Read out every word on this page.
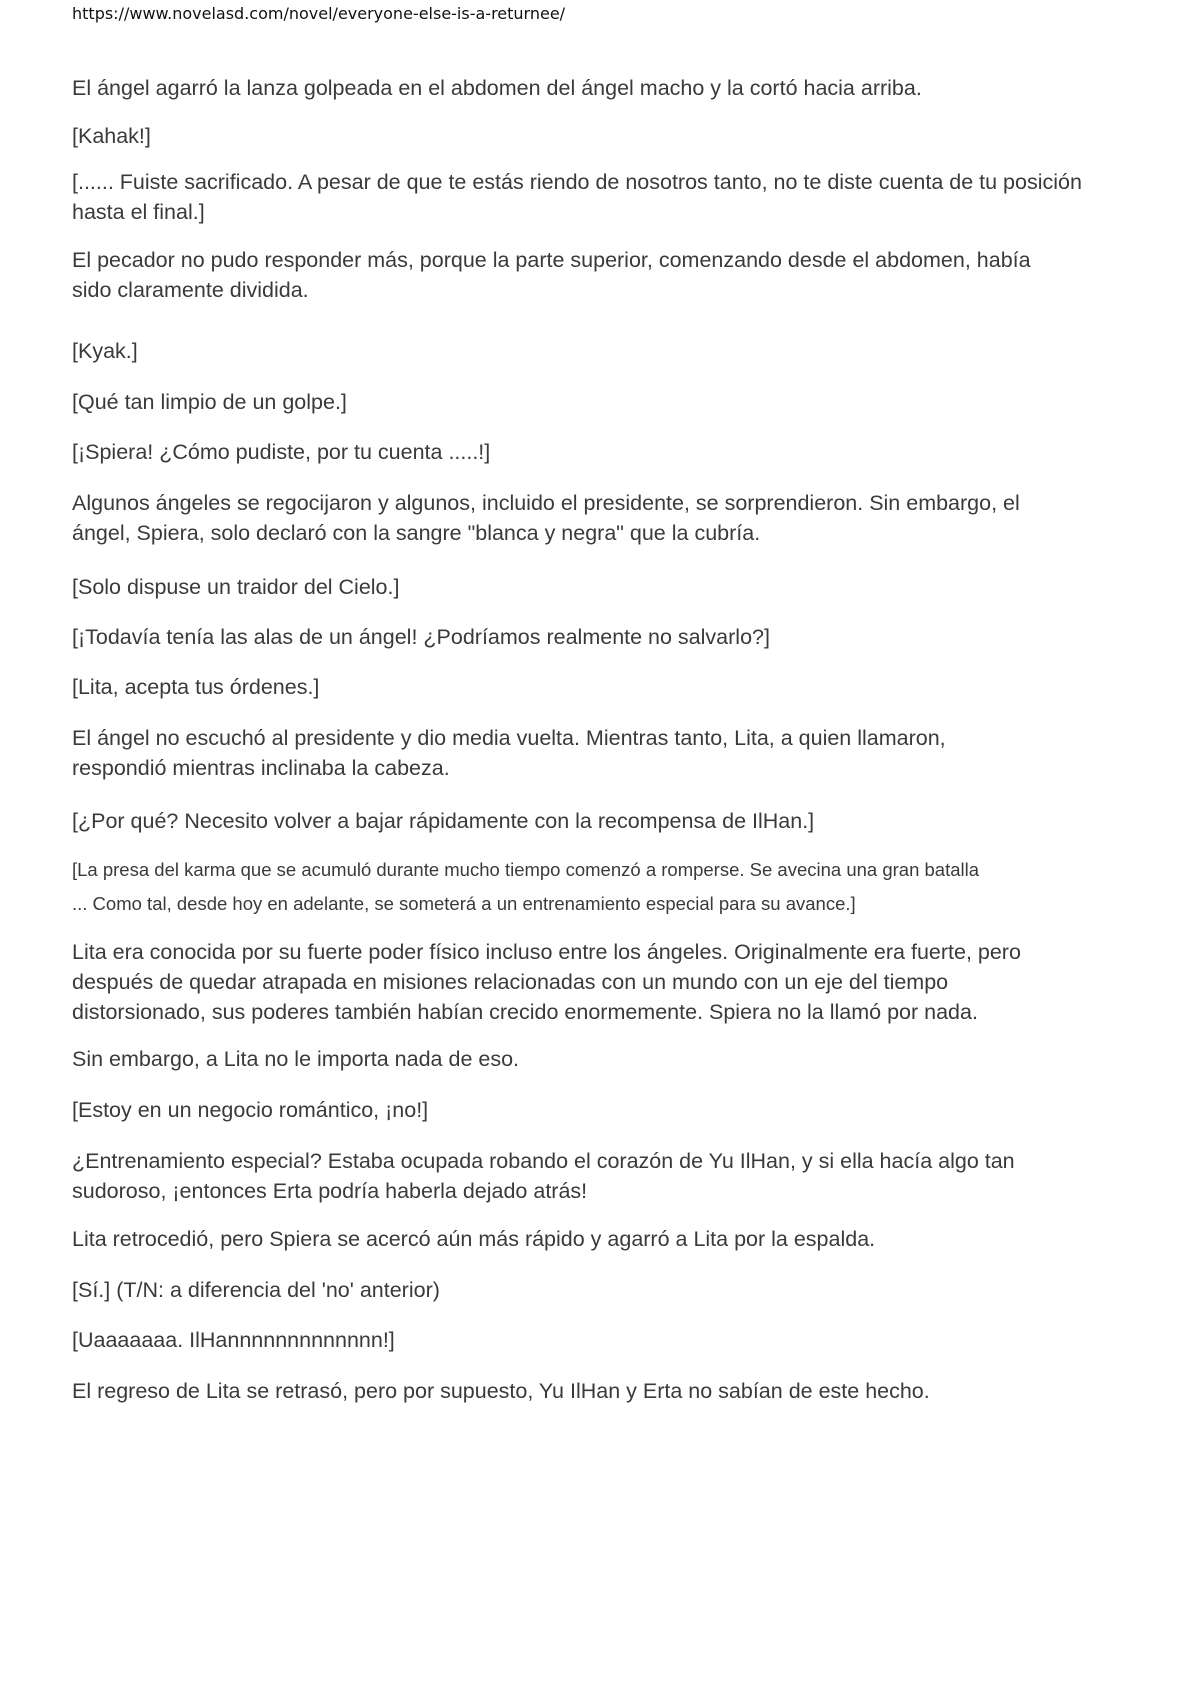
https://www.novelasd.com/novel/everyone-else-is-a-returnee/
El ángel agarró la lanza golpeada en el abdomen del ángel macho y la cortó hacia arriba.
[Kahak!]
[...... Fuiste sacrificado. A pesar de que te estás riendo de nosotros tanto, no te diste cuenta de tu posición
hasta el final.]
El pecador no pudo responder más, porque la parte superior, comenzando desde el abdomen, había
sido claramente dividida.
[Kyak.]
[Qué tan limpio de un golpe.]
[¡Spiera! ¿Cómo pudiste, por tu cuenta .....!]
Algunos ángeles se regocijaron y algunos, incluido el presidente, se sorprendieron. Sin embargo, el
ángel, Spiera, solo declaró con la sangre "blanca y negra" que la cubría.
[Solo dispuse un traidor del Cielo.]
[¡Todavía tenía las alas de un ángel! ¿Podríamos realmente no salvarlo?]
[Lita, acepta tus órdenes.]
El ángel no escuchó al presidente y dio media vuelta. Mientras tanto, Lita, a quien llamaron,
respondió mientras inclinaba la cabeza.
[¿Por qué? Necesito volver a bajar rápidamente con la recompensa de IlHan.]
[La presa del karma que se acumuló durante mucho tiempo comenzó a romperse. Se avecina una gran batalla
... Como tal, desde hoy en adelante, se someterá a un entrenamiento especial para su avance.]
Lita era conocida por su fuerte poder físico incluso entre los ángeles. Originalmente era fuerte, pero
después de quedar atrapada en misiones relacionadas con un mundo con un eje del tiempo
distorsionado, sus poderes también habían crecido enormemente. Spiera no la llamó por nada.
Sin embargo, a Lita no le importa nada de eso.
[Estoy en un negocio romántico, ¡no!]
¿Entrenamiento especial? Estaba ocupada robando el corazón de Yu IlHan, y si ella hacía algo tan
sudoroso, ¡entonces Erta podría haberla dejado atrás!
Lita retrocedió, pero Spiera se acercó aún más rápido y agarró a Lita por la espalda.
[Sí.] (T/N: a diferencia del 'no' anterior)
[Uaaaaaaa. IlHannnnnnnnnnnnn!]
El regreso de Lita se retrasó, pero por supuesto, Yu IlHan y Erta no sabían de este hecho.
